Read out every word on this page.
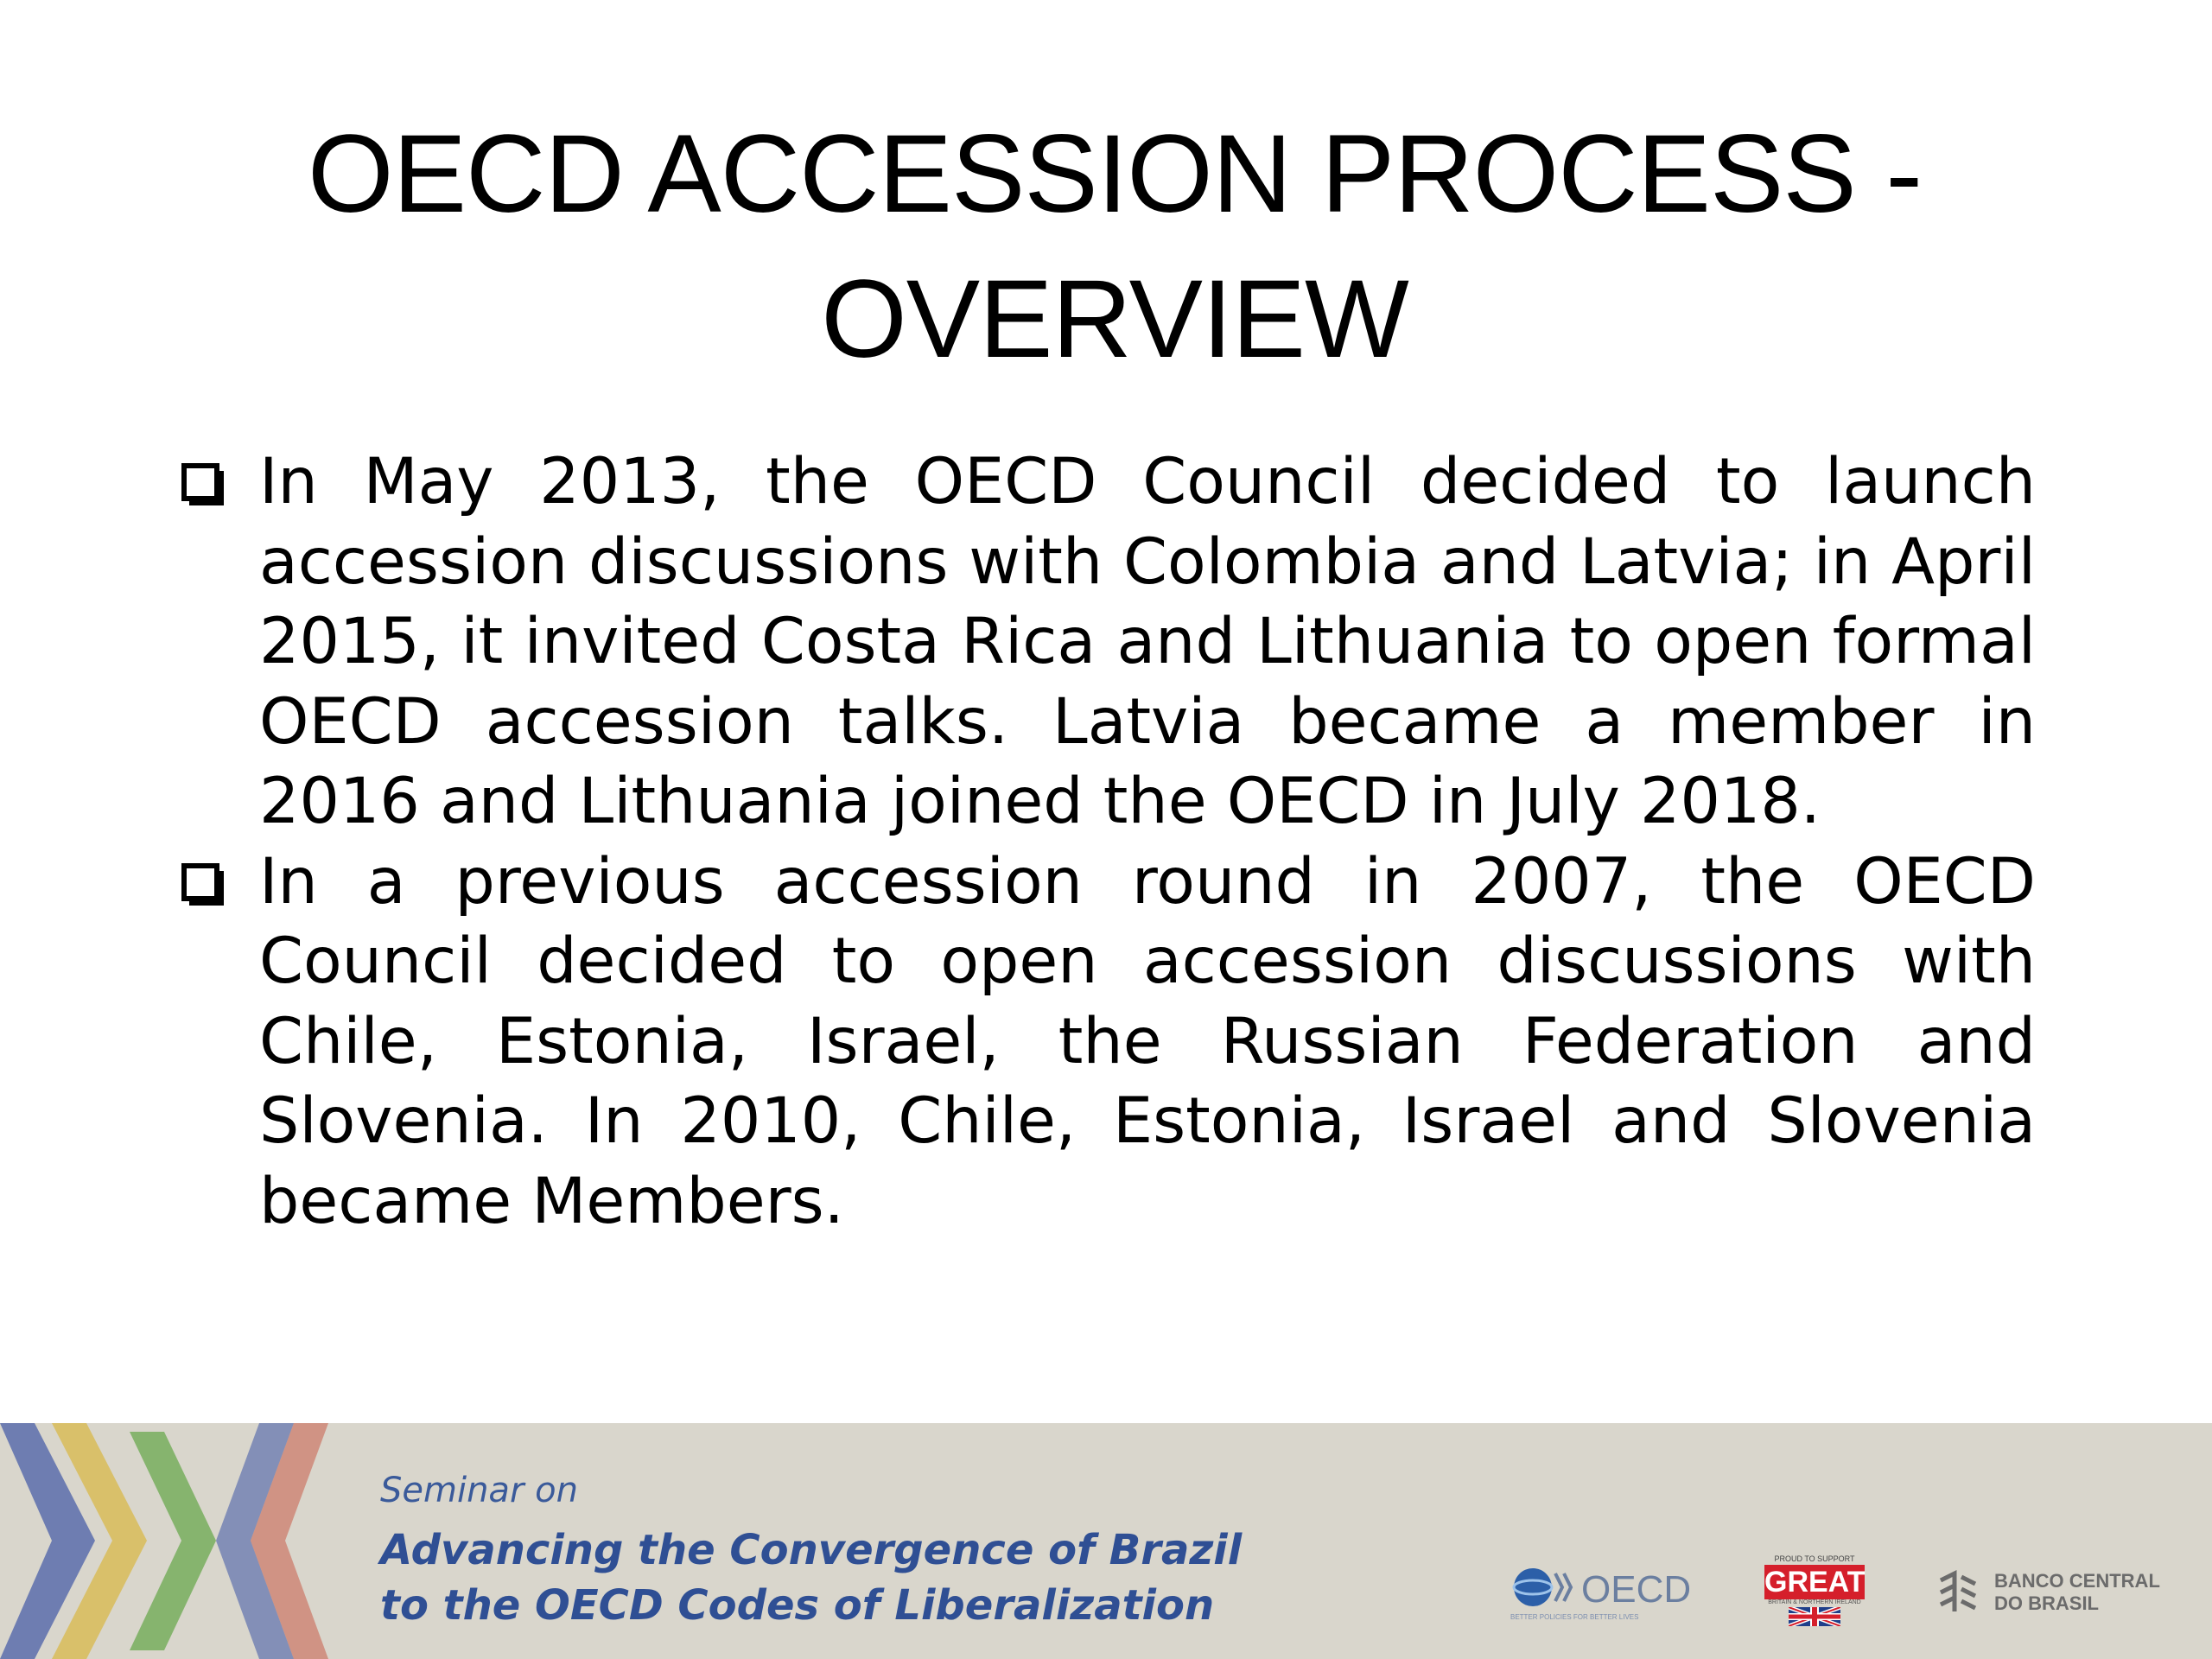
OECD ACCESSION PROCESS -
OVERVIEW

In May 2013, the OECD Council decided to launch accession discussions with Colombia and Latvia; in April 2015, it invited Costa Rica and Lithuania to open formal OECD accession talks. Latvia became a member in 2016 and Lithuania joined the OECD in July 2018.

In a previous accession round in 2007, the OECD Council decided to open accession discussions with Chile, Estonia, Israel, the Russian Federation and Slovenia. In 2010, Chile, Estonia, Israel and Slovenia became Members.

Seminar on
Advancing the Convergence of Brazil
to the OECD Codes of Liberalization	OECD
BETTER POLICIES FOR BETTER LIVES
PROUD TO SUPPORT
GREAT
BRITAIN & NORTHERN IRELAND
BANCO CENTRAL
DO BRASIL
